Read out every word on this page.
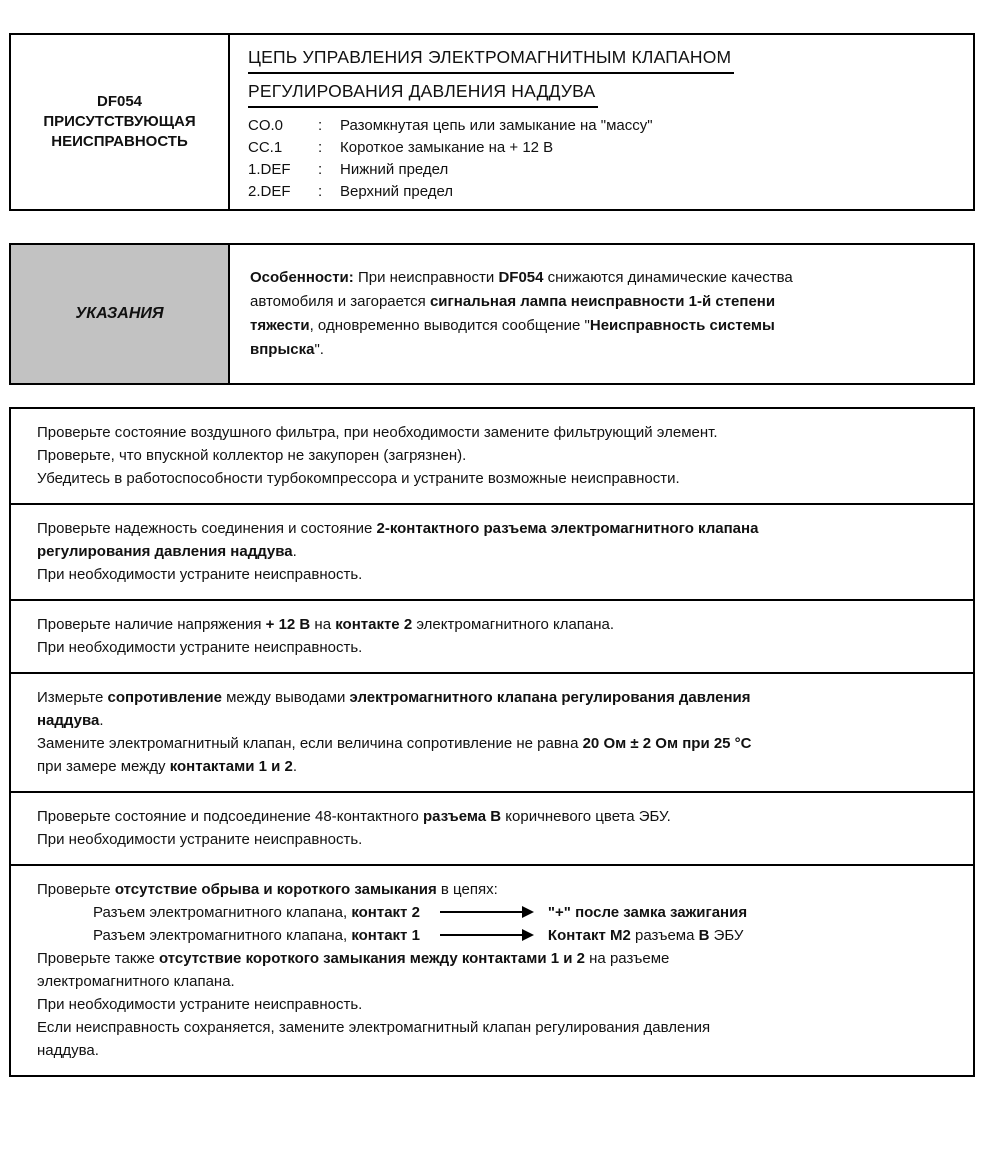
DF054
ПРИСУТСТВУЮЩАЯ
НЕИСПРАВНОСТЬ
ЦЕПЬ УПРАВЛЕНИЯ ЭЛЕКТРОМАГНИТНЫМ КЛАПАНОМ
РЕГУЛИРОВАНИЯ ДАВЛЕНИЯ НАДДУВА
CO.0	:	Разомкнутая цепь или замыкание на "массу"
CC.1	:	Короткое замыкание на + 12 В
1.DEF	:	Нижний предел
2.DEF	:	Верхний предел
УКАЗАНИЯ
Особенности: При неисправности DF054 снижаются динамические качества
автомобиля и загорается сигнальная лампа неисправности 1-й степени
тяжести, одновременно выводится сообщение "Неисправность системы
впрыска".
Проверьте состояние воздушного фильтра, при необходимости замените фильтрующий элемент.
Проверьте, что впускной коллектор не закупорен (загрязнен).
Убедитесь в работоспособности турбокомпрессора и устраните возможные неисправности.
Проверьте надежность соединения и состояние 2-контактного разъема электромагнитного клапана
регулирования давления наддува.
При необходимости устраните неисправность.
Проверьте наличие напряжения + 12 В на контакте 2 электромагнитного клапана.
При необходимости устраните неисправность.
Измерьте сопротивление между выводами электромагнитного клапана регулирования давления
наддува.
Замените электромагнитный клапан, если величина сопротивление не равна 20 Ом ± 2 Ом при 25 °C
при замере между контактами 1 и 2.
Проверьте состояние и подсоединение 48-контактного разъема В коричневого цвета ЭБУ.
При необходимости устраните неисправность.
Проверьте отсутствие обрыва и короткого замыкания в цепях:
Разъем электромагнитного клапана, контакт 2	"+" после замка зажигания
Разъем электромагнитного клапана, контакт 1	Контакт М2 разъема В ЭБУ
Проверьте также отсутствие короткого замыкания между контактами 1 и 2 на разъеме
электромагнитного клапана.
При необходимости устраните неисправность.
Если неисправность сохраняется, замените электромагнитный клапан регулирования давления
наддува.
